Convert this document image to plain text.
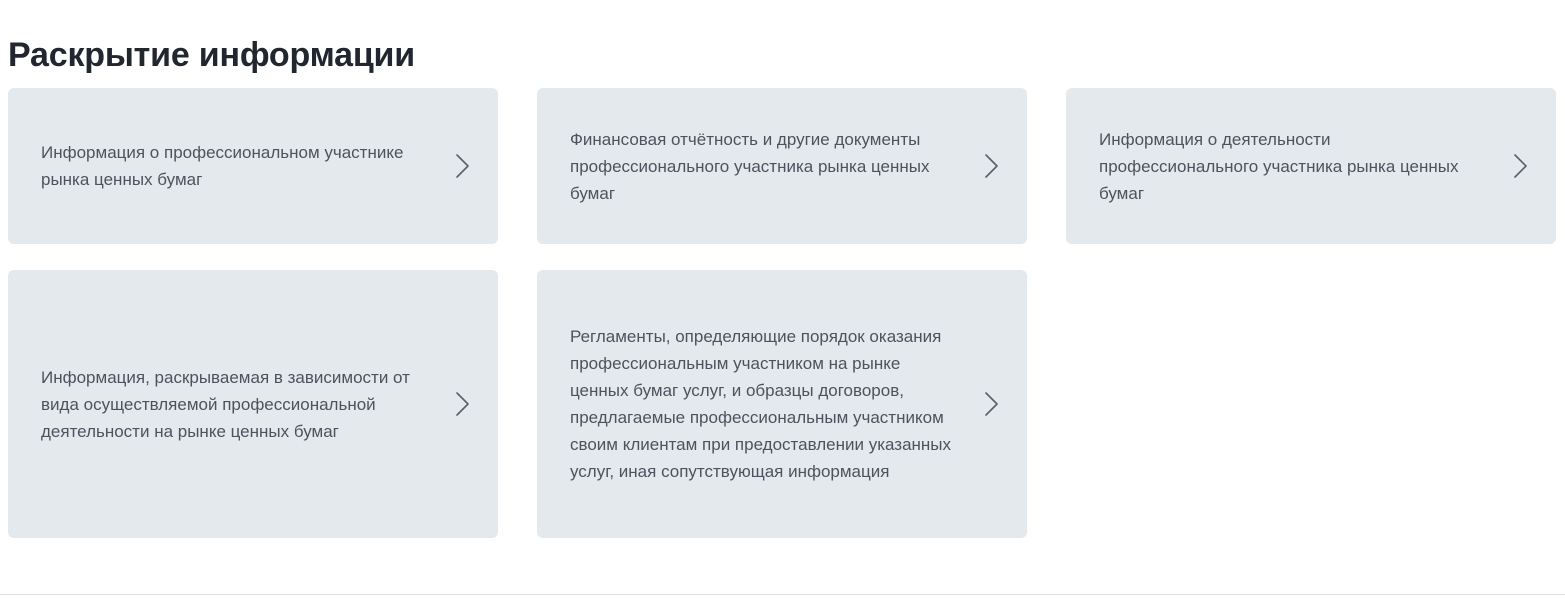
Раскрытие информации
Информация о профессиональном участнике рынка ценных бумаг
Финансовая отчётность и другие документы профессионального участника рынка ценных бумаг
Информация о деятельности профессионального участника рынка ценных бумаг
Информация, раскрываемая в зависимости от вида осуществляемой профессиональной деятельности на рынке ценных бумаг
Регламенты, определяющие порядок оказания профессиональным участником на рынке ценных бумаг услуг, и образцы договоров, предлагаемые профессиональным участником своим клиентам при предоставлении указанных услуг, иная сопутствующая информация
